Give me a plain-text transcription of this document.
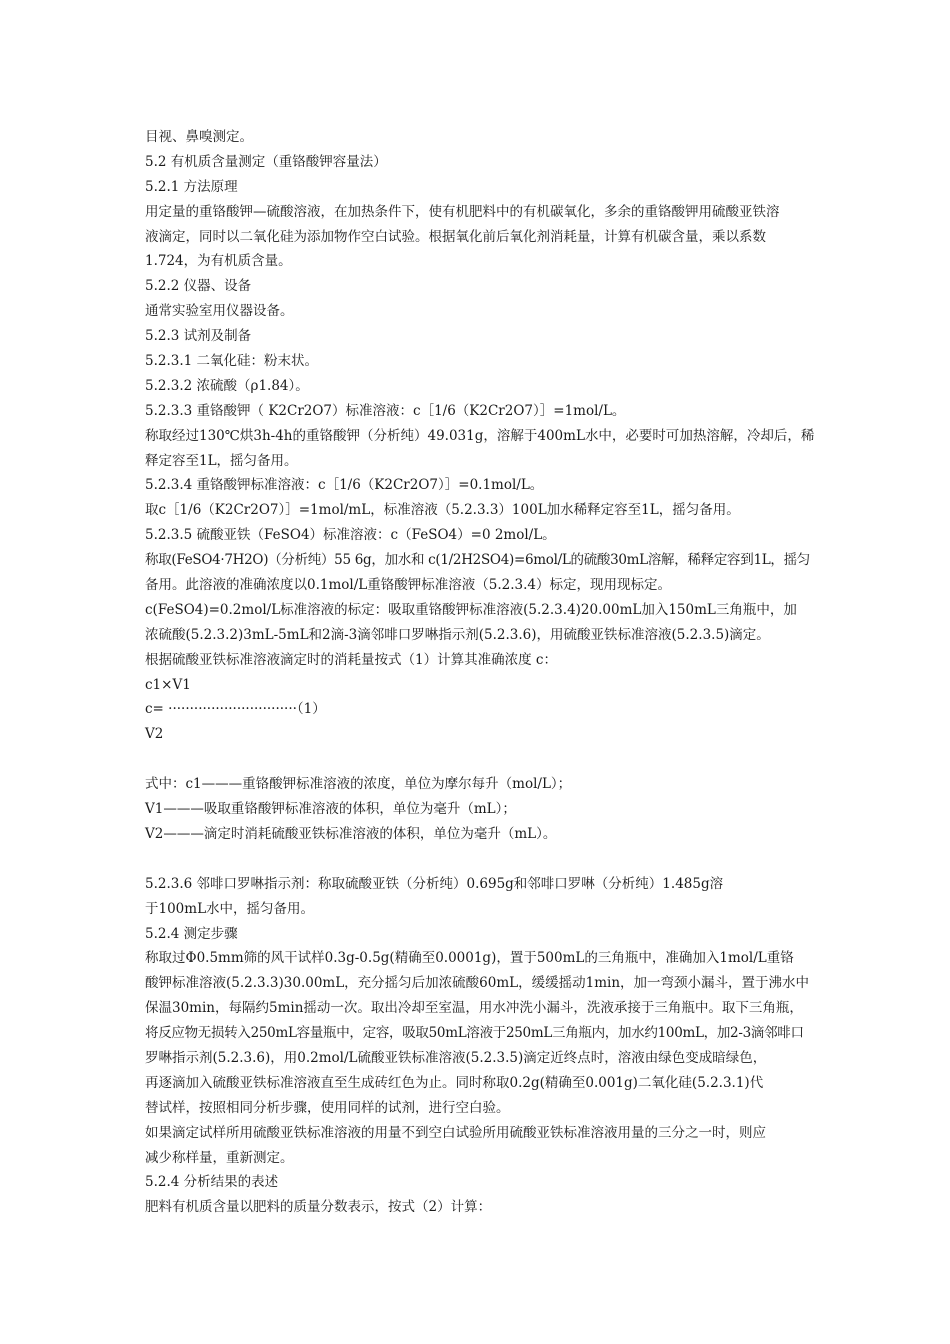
目视、鼻嗅测定。
5.2 有机质含量测定（重铬酸钾容量法）
5.2.1 方法原理
用定量的重铬酸钾—硫酸溶液，在加热条件下，使有机肥料中的有机碳氧化，多余的重铬酸钾用硫酸亚铁溶
液滴定，同时以二氧化硅为添加物作空白试验。根据氧化前后氧化剂消耗量，计算有机碳含量，乘以系数
1.724，为有机质含量。
5.2.2 仪器、设备
通常实验室用仪器设备。
5.2.3 试剂及制备
5.2.3.1 二氧化硅：粉末状。
5.2.3.2 浓硫酸（ρ1.84）。
5.2.3.3 重铬酸钾（ K2Cr2O7）标准溶液：c［1/6（K2Cr2O7）］=1mol/L。
称取经过130℃烘3h-4h的重铬酸钾（分析纯）49.031g，溶解于400mL水中，必要时可加热溶解，冷却后，稀
释定容至1L，摇匀备用。
5.2.3.4 重铬酸钾标准溶液：c［1/6（K2Cr2O7）］=0.1mol/L。
取c［1/6（K2Cr2O7）］=1mol/mL，标准溶液（5.2.3.3）100L加水稀释定容至1L，摇匀备用。
5.2.3.5 硫酸亚铁（FeSO4）标准溶液：c（FeSO4）=0 2mol/L。
称取(FeSO4·7H2O)（分析纯）55 6g，加水和 c(1/2H2SO4)=6mol/L的硫酸30mL溶解，稀释定容到1L，摇匀
备用。此溶液的准确浓度以0.1mol/L重铬酸钾标准溶液（5.2.3.4）标定，现用现标定。
c(FeSO4)=0.2mol/L标准溶液的标定：吸取重铬酸钾标准溶液(5.2.3.4)20.00mL加入150mL三角瓶中，加
浓硫酸(5.2.3.2)3mL-5mL和2滴-3滴邻啡口罗啉指示剂(5.2.3.6)，用硫酸亚铁标准溶液(5.2.3.5)滴定。
根据硫酸亚铁标准溶液滴定时的消耗量按式（1）计算其准确浓度 c：
c1×V1
c= ······························（1）
V2
式中：c1———重铬酸钾标准溶液的浓度，单位为摩尔每升（mol/L）；
V1———吸取重铬酸钾标准溶液的体积，单位为毫升（mL）；
V2———滴定时消耗硫酸亚铁标准溶液的体积，单位为毫升（mL）。
5.2.3.6 邻啡口罗啉指示剂：称取硫酸亚铁（分析纯）0.695g和邻啡口罗啉（分析纯）1.485g溶
于100mL水中，摇匀备用。
5.2.4 测定步骤
称取过Φ0.5mm筛的风干试样0.3g-0.5g(精确至0.0001g)，置于500mL的三角瓶中，准确加入1mol/L重铬
酸钾标准溶液(5.2.3.3)30.00mL，充分摇匀后加浓硫酸60mL，缓缓摇动1min，加一弯颈小漏斗，置于沸水中
保温30min，每隔约5min摇动一次。取出冷却至室温，用水冲洗小漏斗，洗液承接于三角瓶中。取下三角瓶，
将反应物无损转入250mL容量瓶中，定容，吸取50mL溶液于250mL三角瓶内，加水约100mL，加2-3滴邻啡口
罗啉指示剂(5.2.3.6)，用0.2mol/L硫酸亚铁标准溶液(5.2.3.5)滴定近终点时，溶液由绿色变成暗绿色，
再逐滴加入硫酸亚铁标准溶液直至生成砖红色为止。同时称取0.2g(精确至0.001g)二氧化硅(5.2.3.1)代
替试样，按照相同分析步骤，使用同样的试剂，进行空白验。
如果滴定试样所用硫酸亚铁标准溶液的用量不到空白试验所用硫酸亚铁标准溶液用量的三分之一时，则应
减少称样量，重新测定。
5.2.4 分析结果的表述
肥料有机质含量以肥料的质量分数表示，按式（2）计算：
